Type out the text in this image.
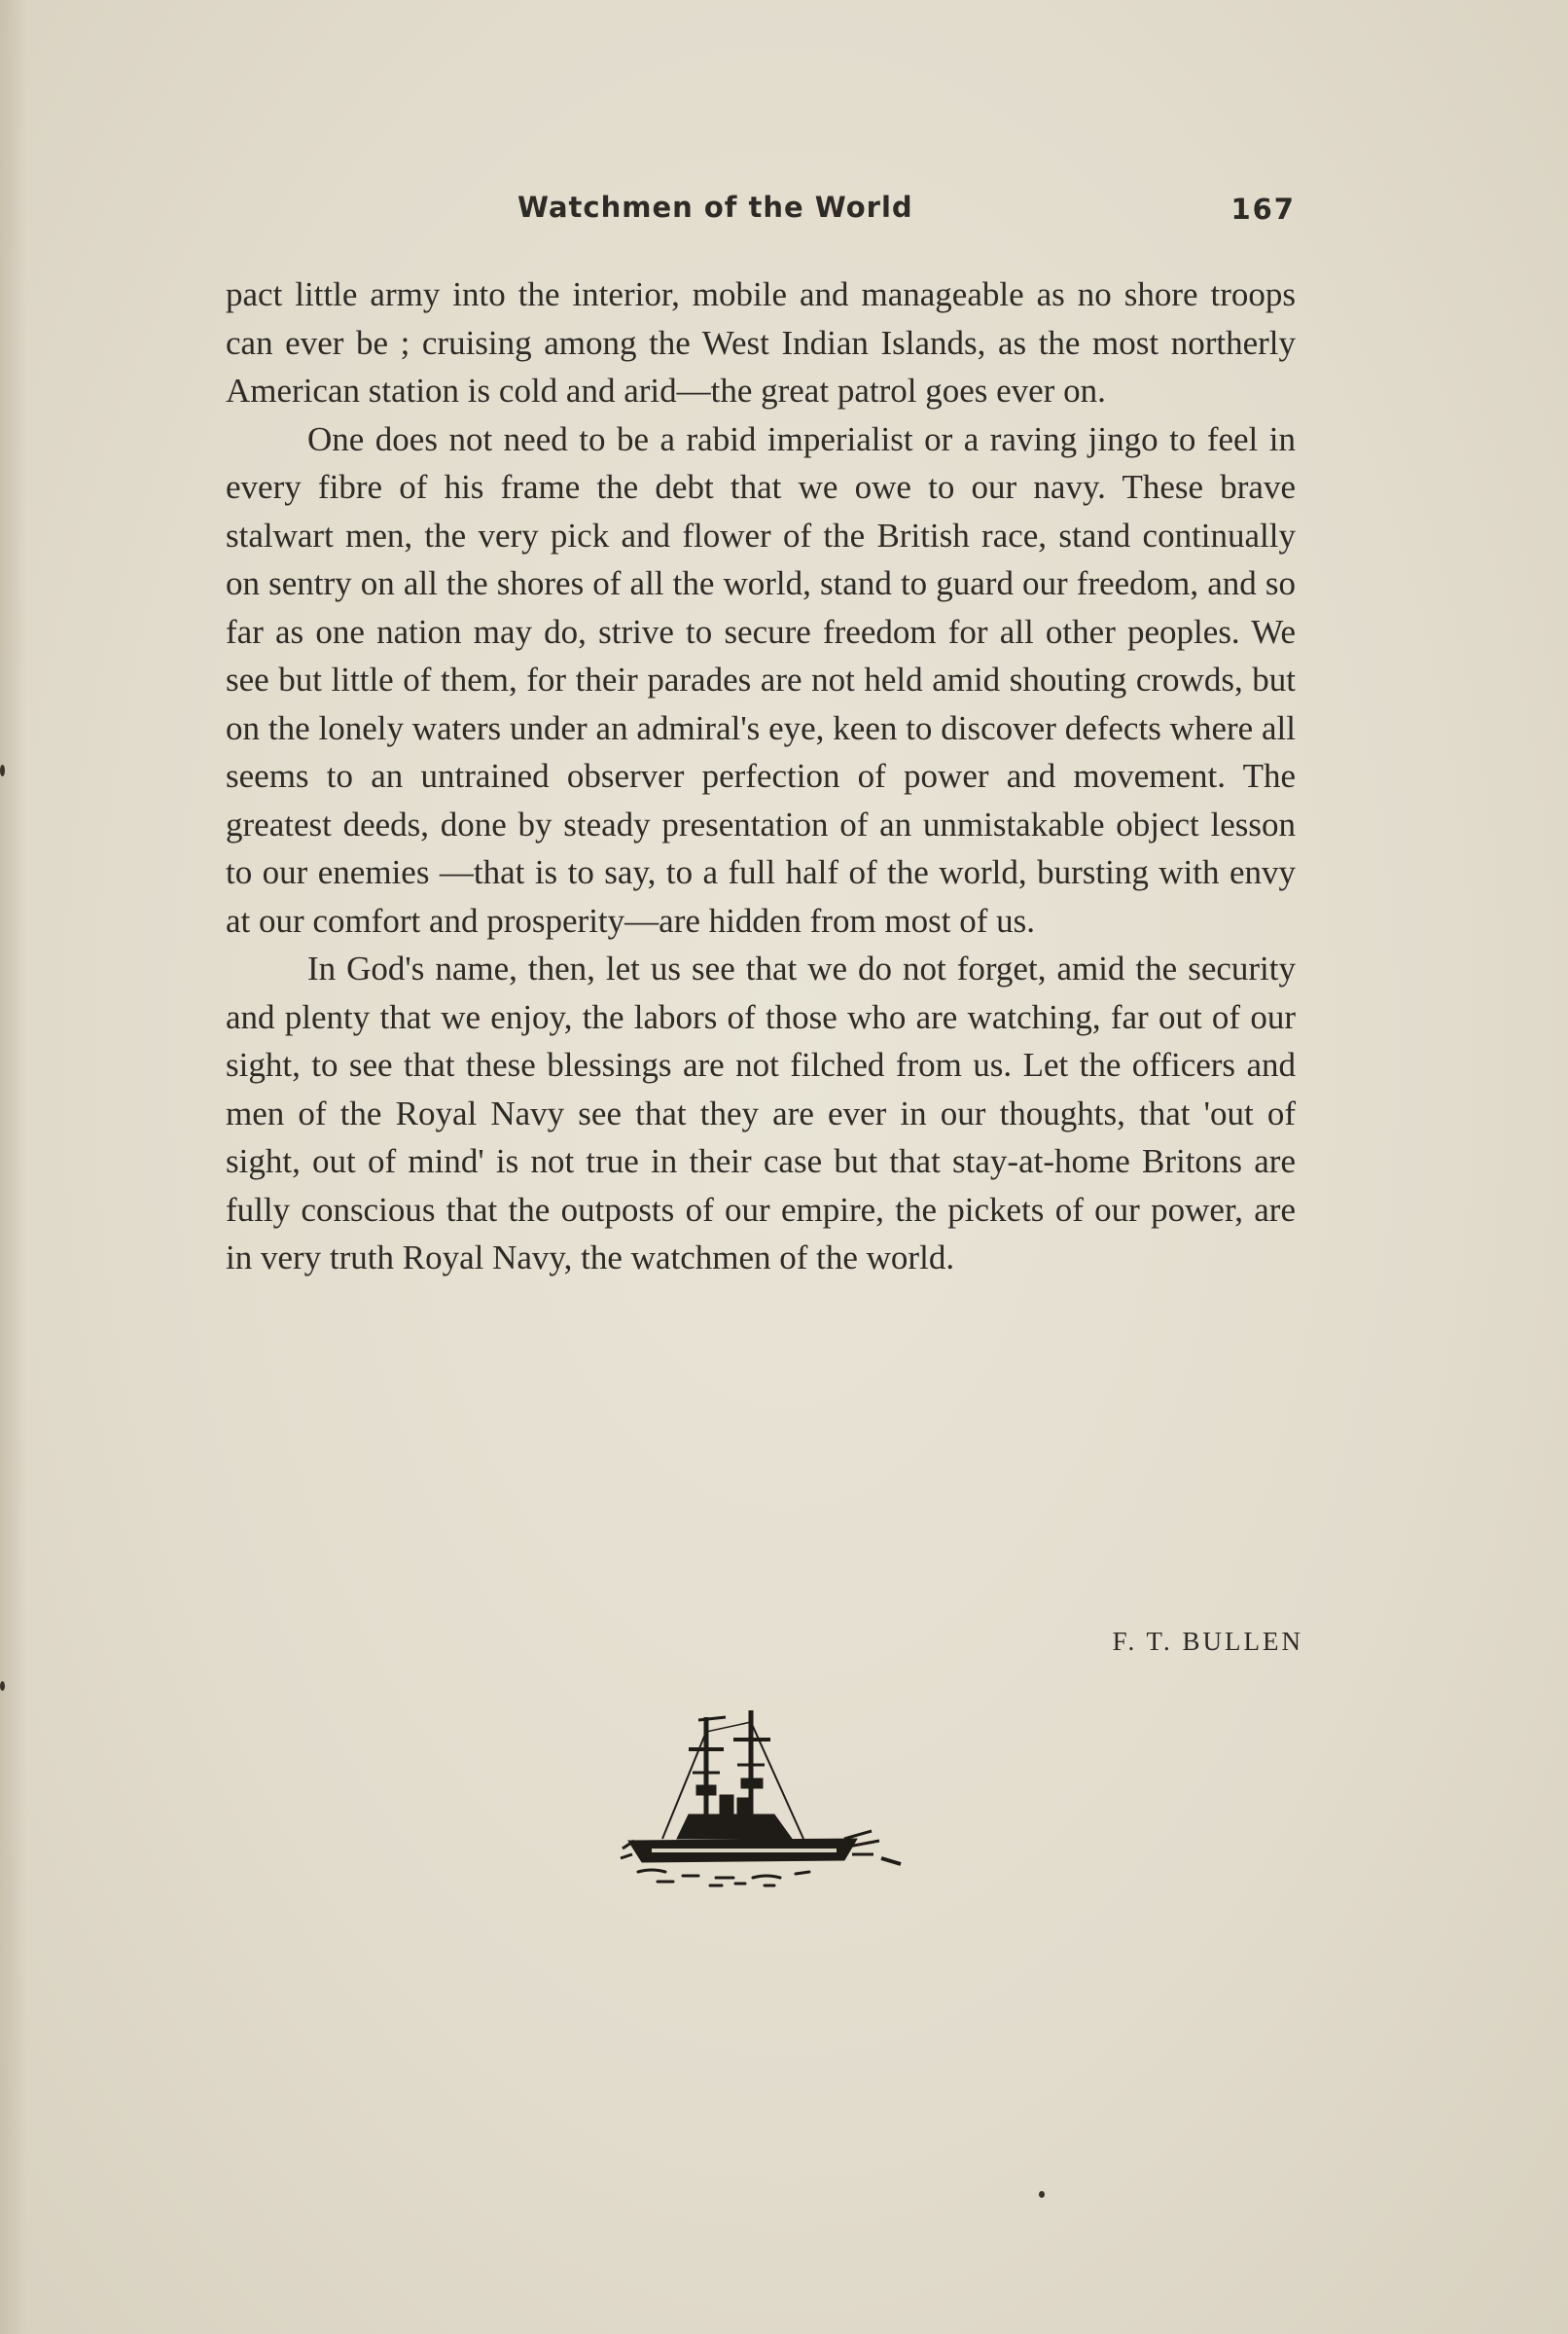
Watchmen of the World	167

pact little army into the interior, mobile and manageable as no shore troops can ever be ; cruising among the West Indian Islands, as the most northerly American station is cold and arid—the great patrol goes ever on.

One does not need to be a rabid imperialist or a raving jingo to feel in every fibre of his frame the debt that we owe to our navy. These brave stalwart men, the very pick and flower of the British race, stand continually on sentry on all the shores of all the world, stand to guard our freedom, and so far as one nation may do, strive to secure freedom for all other peoples. We see but little of them, for their parades are not held amid shouting crowds, but on the lonely waters under an admiral's eye, keen to discover defects where all seems to an untrained observer perfection of power and movement. The greatest deeds, done by steady presentation of an unmistakable object lesson to our enemies —that is to say, to a full half of the world, bursting with envy at our comfort and prosperity—are hidden from most of us.

In God's name, then, let us see that we do not forget, amid the security and plenty that we enjoy, the labors of those who are watching, far out of our sight, to see that these blessings are not filched from us. Let the officers and men of the Royal Navy see that they are ever in our thoughts, that 'out of sight, out of mind' is not true in their case but that stay-at-home Britons are fully conscious that the outposts of our empire, the pickets of our power, are in very truth Royal Navy, the watchmen of the world.

F. T. BULLEN
